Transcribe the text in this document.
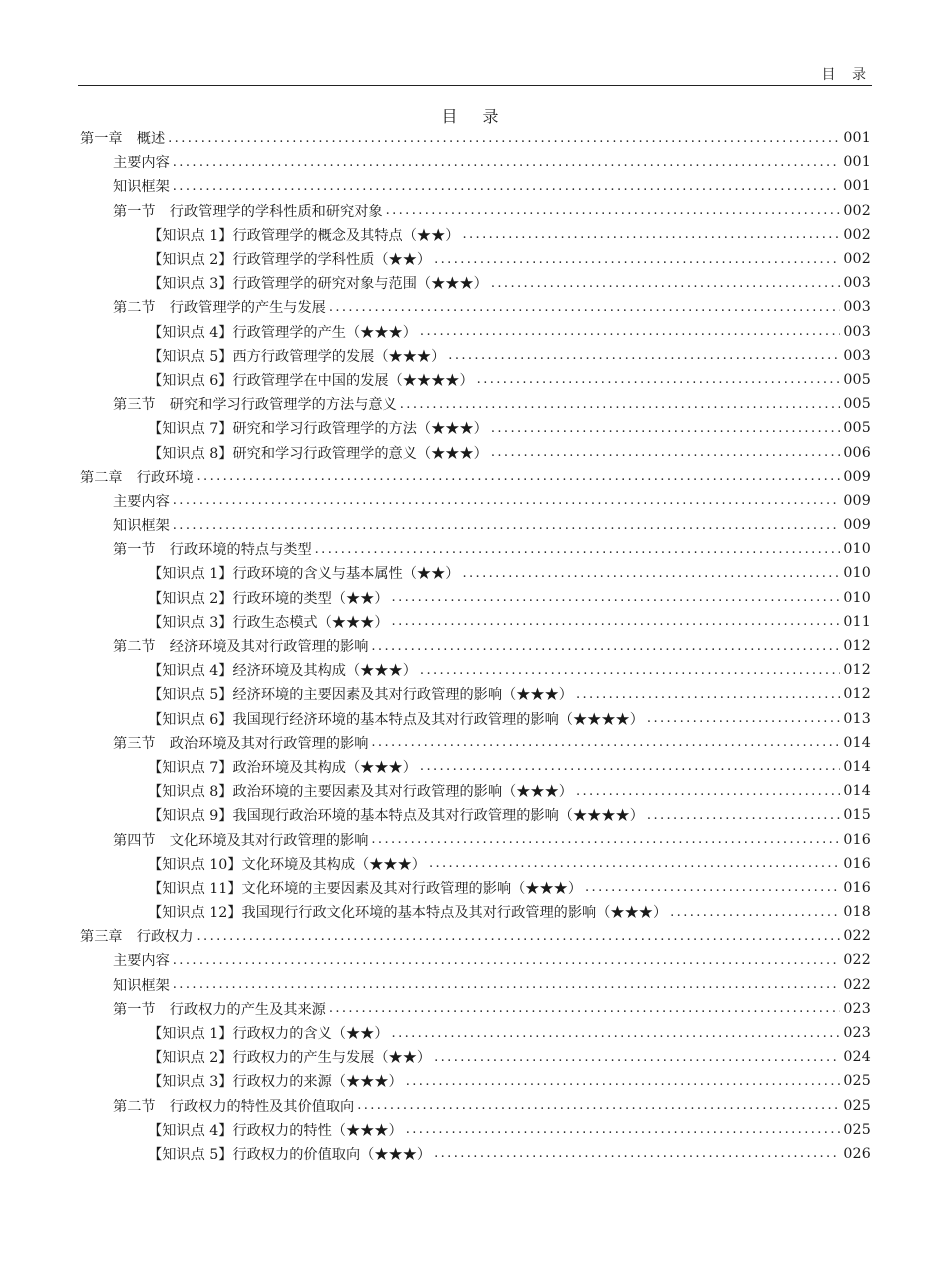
目 录
目 录
第一章　概述 .....	001
主要内容 .....	001
知识框架 .....	001
第一节　行政管理学的学科性质和研究对象 .....	002
【知识点 1】行政管理学的概念及其特点（★★） .....	002
【知识点 2】行政管理学的学科性质（★★） .....	002
【知识点 3】行政管理学的研究对象与范围（★★★） .....	003
第二节　行政管理学的产生与发展 .....	003
【知识点 4】行政管理学的产生（★★★） .....	003
【知识点 5】西方行政管理学的发展（★★★） .....	003
【知识点 6】行政管理学在中国的发展（★★★★） .....	005
第三节　研究和学习行政管理学的方法与意义 .....	005
【知识点 7】研究和学习行政管理学的方法（★★★） .....	005
【知识点 8】研究和学习行政管理学的意义（★★★） .....	006
第二章　行政环境 .....	009
主要内容 .....	009
知识框架 .....	009
第一节　行政环境的特点与类型 .....	010
【知识点 1】行政环境的含义与基本属性（★★） .....	010
【知识点 2】行政环境的类型（★★） .....	010
【知识点 3】行政生态模式（★★★） .....	011
第二节　经济环境及其对行政管理的影响 .....	012
【知识点 4】经济环境及其构成（★★★） .....	012
【知识点 5】经济环境的主要因素及其对行政管理的影响（★★★） .....	012
【知识点 6】我国现行经济环境的基本特点及其对行政管理的影响（★★★★） .....	013
第三节　政治环境及其对行政管理的影响 .....	014
【知识点 7】政治环境及其构成（★★★） .....	014
【知识点 8】政治环境的主要因素及其对行政管理的影响（★★★） .....	014
【知识点 9】我国现行政治环境的基本特点及其对行政管理的影响（★★★★） .....	015
第四节　文化环境及其对行政管理的影响 .....	016
【知识点 10】文化环境及其构成（★★★） .....	016
【知识点 11】文化环境的主要因素及其对行政管理的影响（★★★） .....	016
【知识点 12】我国现行行政文化环境的基本特点及其对行政管理的影响（★★★） .....	018
第三章　行政权力 .....	022
主要内容 .....	022
知识框架 .....	022
第一节　行政权力的产生及其来源 .....	023
【知识点 1】行政权力的含义（★★） .....	023
【知识点 2】行政权力的产生与发展（★★） .....	024
【知识点 3】行政权力的来源（★★★） .....	025
第二节　行政权力的特性及其价值取向 .....	025
【知识点 4】行政权力的特性（★★★） .....	025
【知识点 5】行政权力的价值取向（★★★） .....	026
